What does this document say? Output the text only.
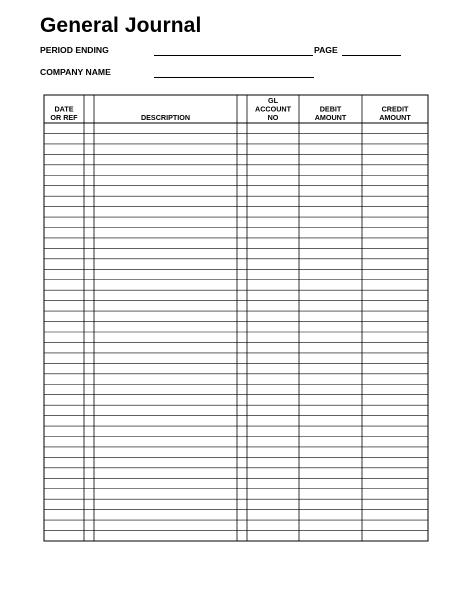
General Journal
PERIOD ENDING	PAGE
COMPANY NAME
DATE
OR REF	DESCRIPTION
GL
ACCOUNT
NO
DEBIT
AMOUNT
CREDIT
AMOUNT
